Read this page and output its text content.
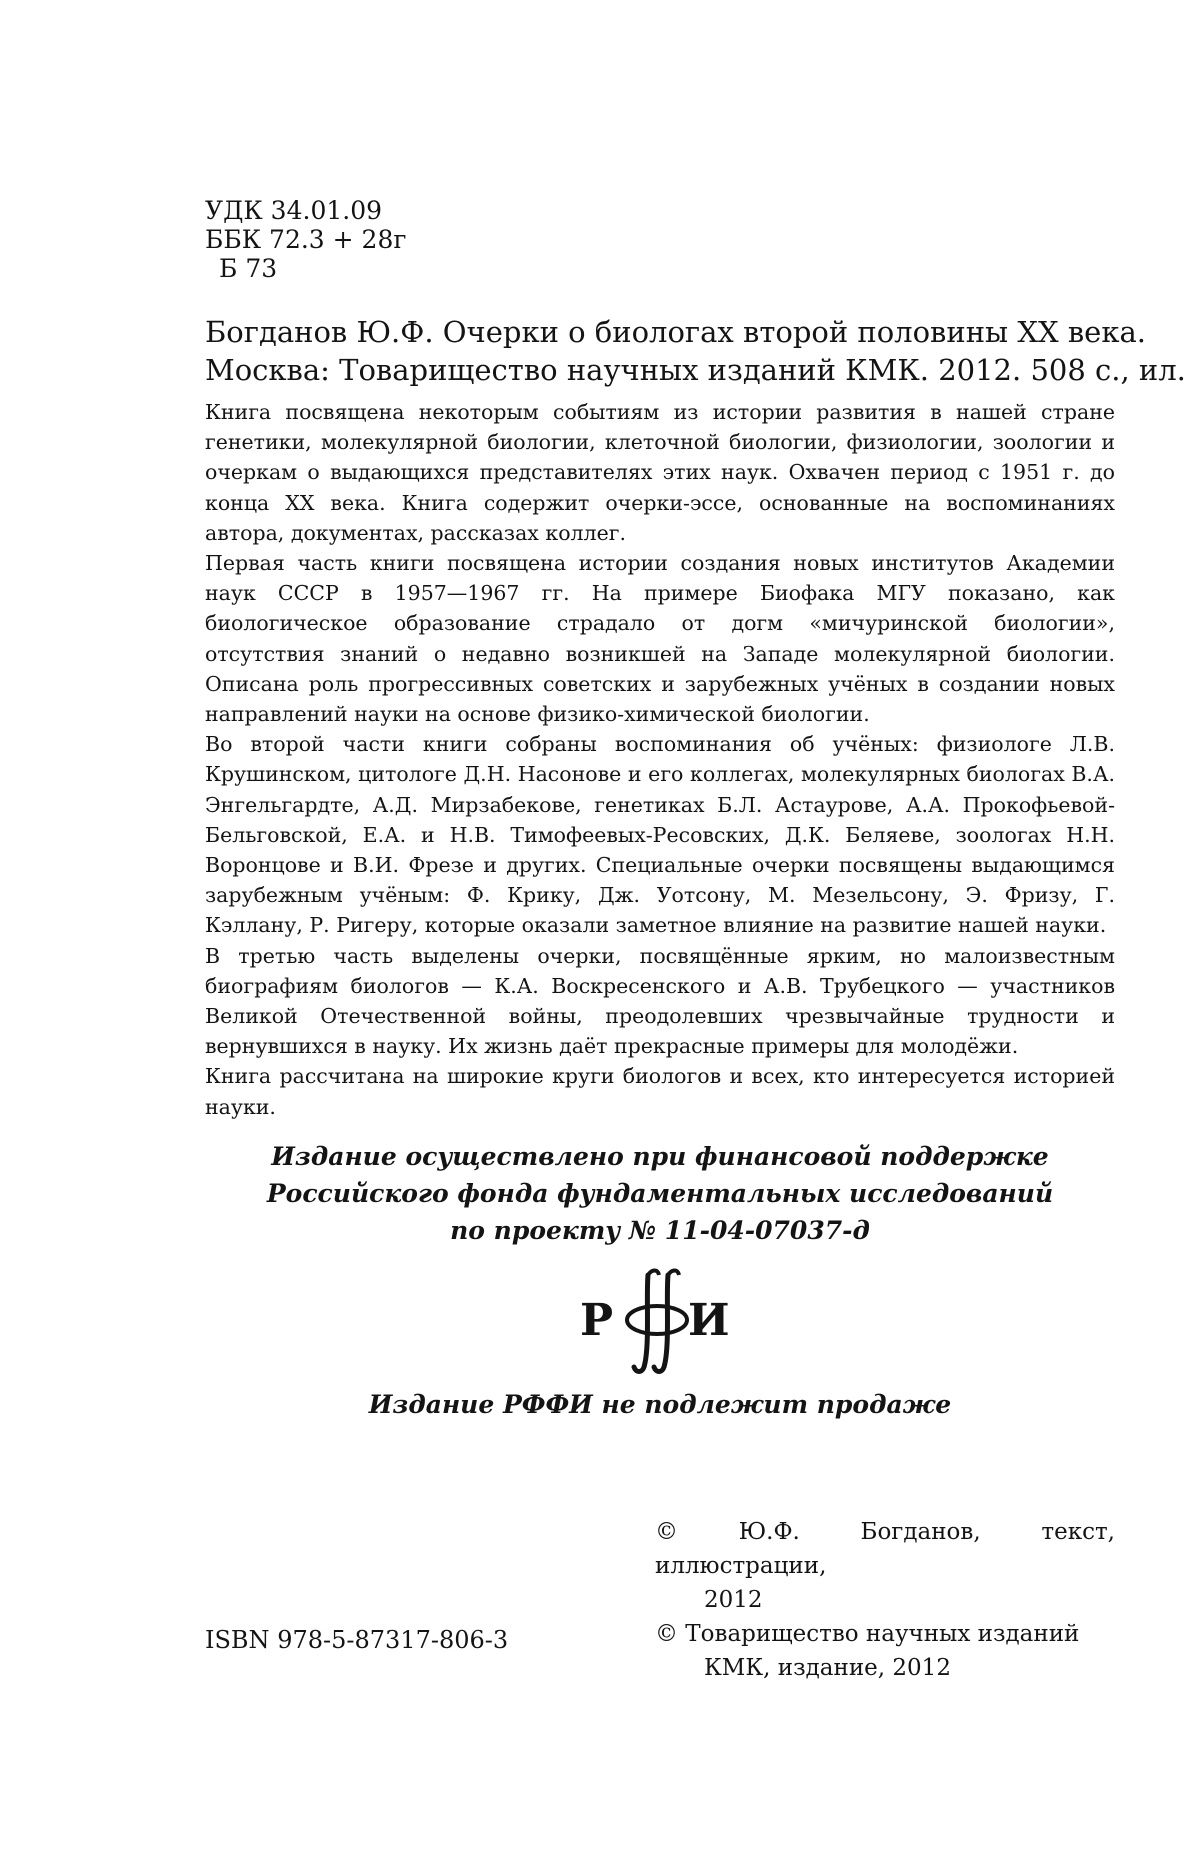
УДК 34.01.09
ББК 72.3 + 28г
Б 73
Богданов Ю.Ф. Очерки о биологах второй половины XX века.
Москва: Товарищество научных изданий КМК. 2012. 508 с., ил.

Книга посвящена некоторым событиям из истории развития в нашей стране генетики, молекулярной биологии, клеточной биологии, физиологии, зоологии и очеркам о выдающихся представителях этих наук. Охвачен период с 1951 г. до конца XX века. Книга содержит очерки-эссе, основанные на воспоминаниях автора, документах, рассказах коллег.

Первая часть книги посвящена истории создания новых институтов Академии наук СССР в 1957—1967 гг. На примере Биофака МГУ показано, как биологическое образование страдало от догм «мичуринской биологии», отсутствия знаний о недавно возникшей на Западе молекулярной биологии. Описана роль прогрессивных советских и зарубежных учёных в создании новых направлений науки на основе физико-химической биологии.

Во второй части книги собраны воспоминания об учёных: физиологе Л.В. Крушинском, цитологе Д.Н. Насонове и его коллегах, молекулярных биологах В.А. Энгельгардте, А.Д. Мирзабекове, генетиках Б.Л. Астаурове, А.А. Прокофьевой-Бельговской, Е.А. и Н.В. Тимофеевых-Ресовских, Д.К. Беляеве, зоологах Н.Н. Воронцове и В.И. Фрезе и других. Специальные очерки посвящены выдающимся зарубежным учёным: Ф. Крику, Дж. Уотсону, М. Мезельсону, Э. Фризу, Г. Кэллану, Р. Ригеру, которые оказали заметное влияние на развитие нашей науки.

В третью часть выделены очерки, посвящённые ярким, но малоизвестным биографиям биологов — К.А. Воскресенского и А.В. Трубецкого — участников Великой Отечественной войны, преодолевших чрезвычайные трудности и вернувшихся в науку. Их жизнь даёт прекрасные примеры для молодёжи.

Книга рассчитана на широкие круги биологов и всех, кто интересуется историей науки.

Издание осуществлено при финансовой поддержке
Российского фонда фундаментальных исследований
по проекту № 11-04-07037-д
Р И
Издание РФФИ не подлежит продаже
© Ю.Ф. Богданов, текст, иллюстрации,
2012
© Товарищество научных изданий
КМК, издание, 2012
ISBN 978-5-87317-806-3
